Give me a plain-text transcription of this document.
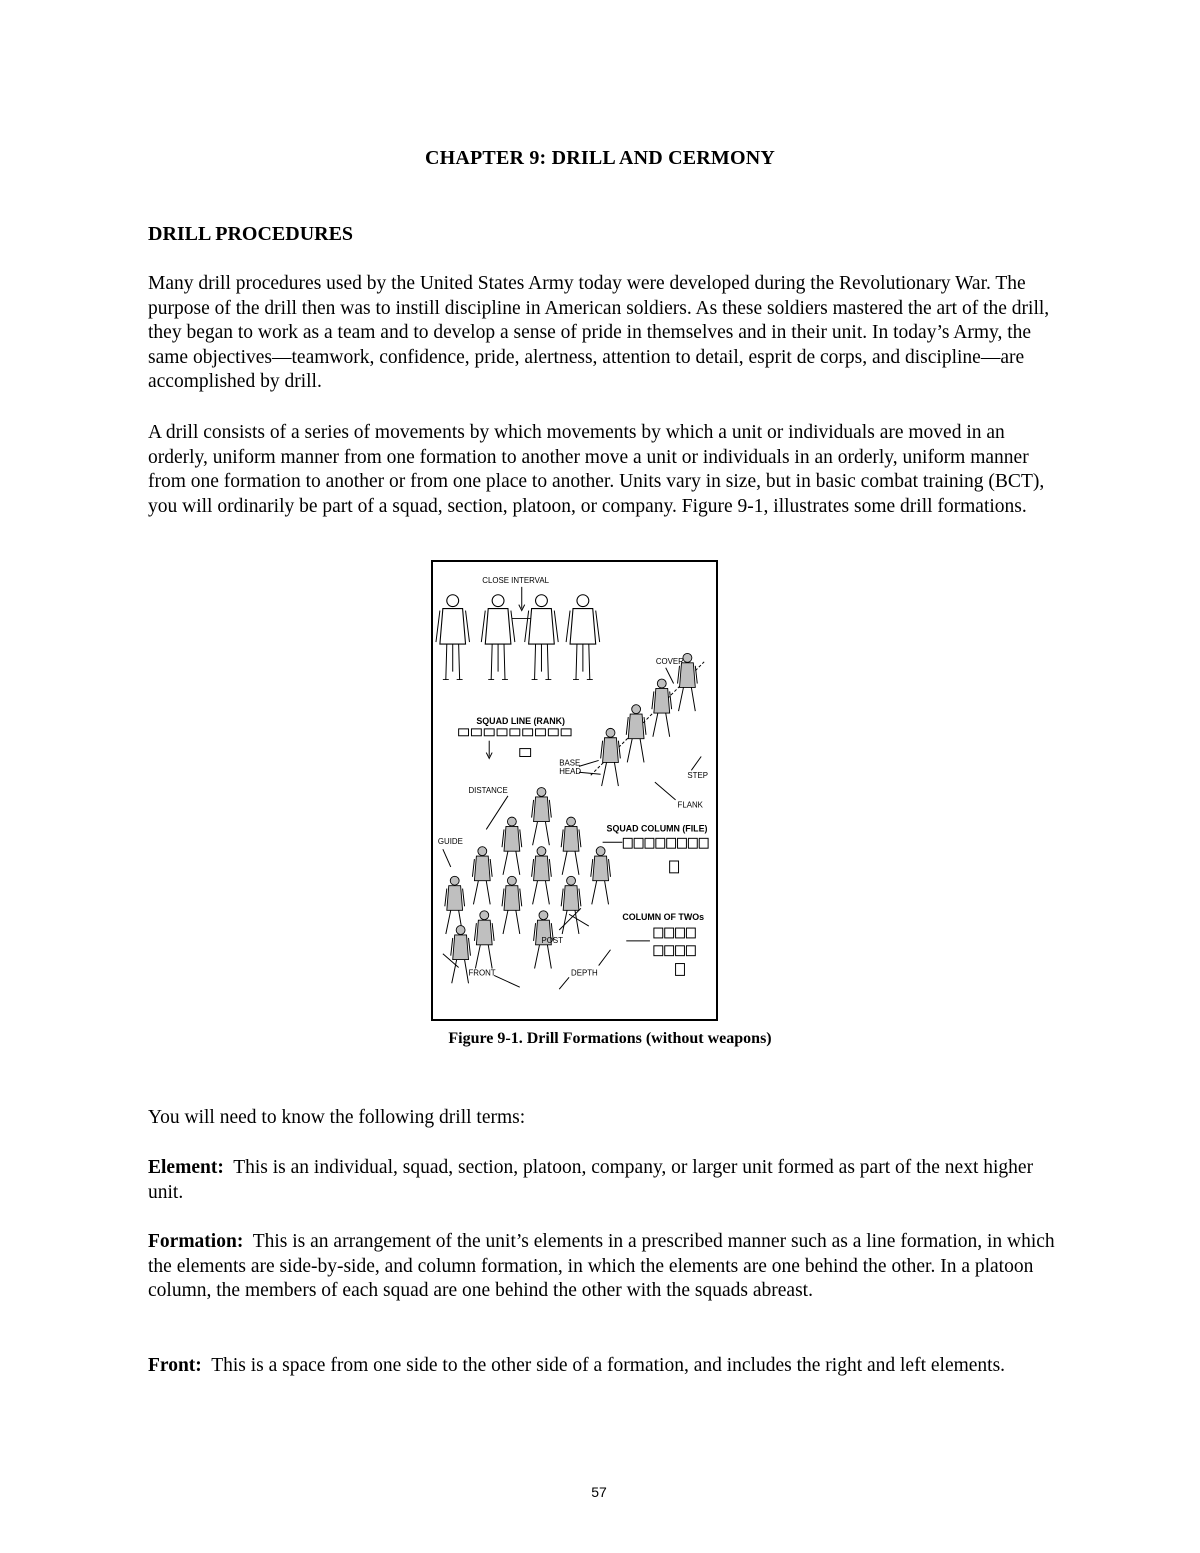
CHAPTER 9: DRILL AND CERMONY
DRILL PROCEDURES

Many drill procedures used by the United States Army today were developed during the Revolutionary War. The purpose of the drill then was to instill discipline in American soldiers. As these soldiers mastered the art of the drill, they began to work as a team and to develop a sense of pride in themselves and in their unit. In today’s Army, the same objectives—teamwork, confidence, pride, alertness, attention to detail, esprit de corps, and discipline—are accomplished by drill.

A drill consists of a series of movements by which movements by which a unit or individuals are moved in an orderly, uniform manner from one formation to another move a unit or individuals in an orderly, uniform manner from one formation to another or from one place to another. Units vary in size, but in basic combat training (BCT), you will ordinarily be part of a squad, section, platoon, or company. Figure 9-1, illustrates some drill formations.

CLOSE INTERVAL
COVER
SQUAD LINE (RANK)
BASE
HEAD	STEP
FLANK
DISTANCE
GUIDE
SQUAD COLUMN (FILE)
POST
COLUMN OF TWOs
FRONT	DEPTH
Figure 9-1. Drill Formations (without weapons)

You will need to know the following drill terms:

Element: This is an individual, squad, section, platoon, company, or larger unit formed as part of the next higher unit.

Formation: This is an arrangement of the unit’s elements in a prescribed manner such as a line formation, in which the elements are side-by-side, and column formation, in which the elements are one behind the other. In a platoon column, the members of each squad are one behind the other with the squads abreast.

Front: This is a space from one side to the other side of a formation, and includes the right and left elements.

57
